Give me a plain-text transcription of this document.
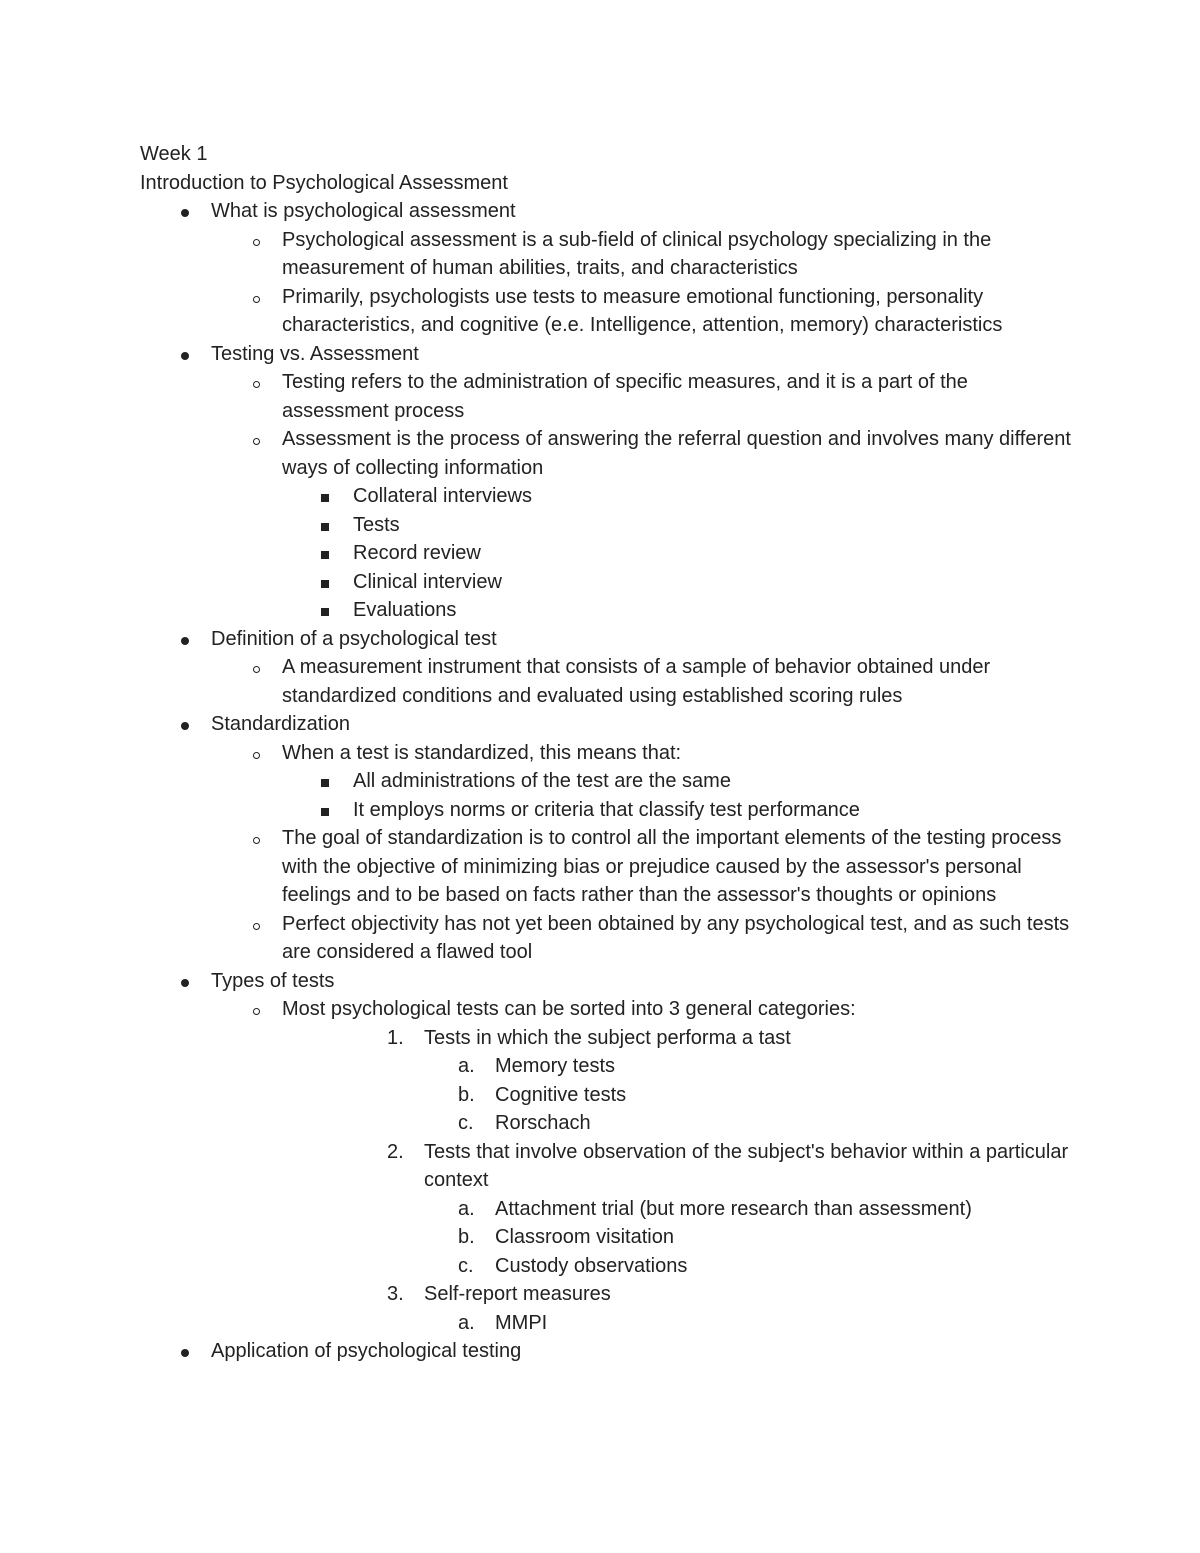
Week 1
Introduction to Psychological Assessment
What is psychological assessment
Psychological assessment is a sub-field of clinical psychology specializing in the measurement of human abilities, traits, and characteristics
Primarily, psychologists use tests to measure emotional functioning, personality characteristics, and cognitive (e.e. Intelligence, attention, memory) characteristics
Testing vs. Assessment
Testing refers to the administration of specific measures, and it is a part of the assessment process
Assessment is the process of answering the referral question and involves many different ways of collecting information
Collateral interviews
Tests
Record review
Clinical interview
Evaluations
Definition of a psychological test
A measurement instrument that consists of a sample of behavior obtained under standardized conditions and evaluated using established scoring rules
Standardization
When a test is standardized, this means that:
All administrations of the test are the same
It employs norms or criteria that classify test performance
The goal of standardization is to control all the important elements of the testing process with the objective of minimizing bias or prejudice caused by the assessor's personal feelings and to be based on facts rather than the assessor's thoughts or opinions
Perfect objectivity has not yet been obtained by any psychological test, and as such tests are considered a flawed tool
Types of tests
Most psychological tests can be sorted into 3 general categories:
1.	Tests in which the subject performa a tast
a.	Memory tests
b.	Cognitive tests
c.	Rorschach
2.	Tests that involve observation of the subject's behavior within a particular context
a.	Attachment trial (but more research than assessment)
b.	Classroom visitation
c.	Custody observations
3.	Self-report measures
a.	MMPI
Application of psychological testing
